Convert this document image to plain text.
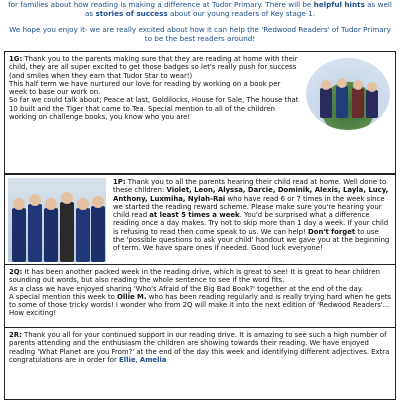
for families about how reading is making a difference at Tudor Primary. There will be helpful hints as well as stories of success about our young readers of Key stage 1.

We hope you enjoy it- we are really excited about how it can help the 'Redwood Readers' of Tudor Primary to be the best readers around!

1G: Thank you to the parents making sure that they are reading at home with their child, they are all super excited to get those badges so let's really push for success (and smiles when they earn that Tudor Star to wear!)

This half term we have nurtured our love for reading by working on a book per week to base our work on.

So far we could talk about; Peace at last, Goldilocks, House for Sale, The house that 10 built and the Tiger that came to Tea. Special mention to all of the children working on challenge books, you know who you are!

1P: Thank you to all the parents hearing their child read at home. Well done to these children: Violet, Leon, Alyssa, Darcie, Dominik, Alexis, Layla, Lucy, Anthony, Luxmiha, Nylah-Rai who have read 6 or 7 times in the week since we started the reading reward scheme. Please make sure you're hearing your child read at least 5 times a week. You'd be surprised what a difference reading once a day makes. Try not to skip more than 1 day a week. If your child is refusing to read then come speak to us. We can help! Don't forget to use the 'possible questions to ask your child' handout we gave you at the beginning of term. We have spare ones if needed. Good luck everyone!

2Q: It has been another packed week in the reading drive, which is great to see! It is great to hear children sounding out words, but also reading the whole sentence to see if the word fits.

As a class we have enjoyed sharing 'Who's Afraid of the Big Bad Book?' together at the end of the day.

A special mention this week to Ollie M. who has been reading regularly and is really trying hard when he gets to some of those tricky words! I wonder who from 2Q will make it into the next edition of 'Redwood Readers'... How exciting!

2R: Thank you all for your continued support in our reading drive. It is amazing to see such a high number of parents attending and the enthusiasm the children are showing towards their reading. We have enjoyed reading 'What Planet are you From?' at the end of the day this week and identifying different adjectives. Extra congratulations are in order for Ellie, Amelia
